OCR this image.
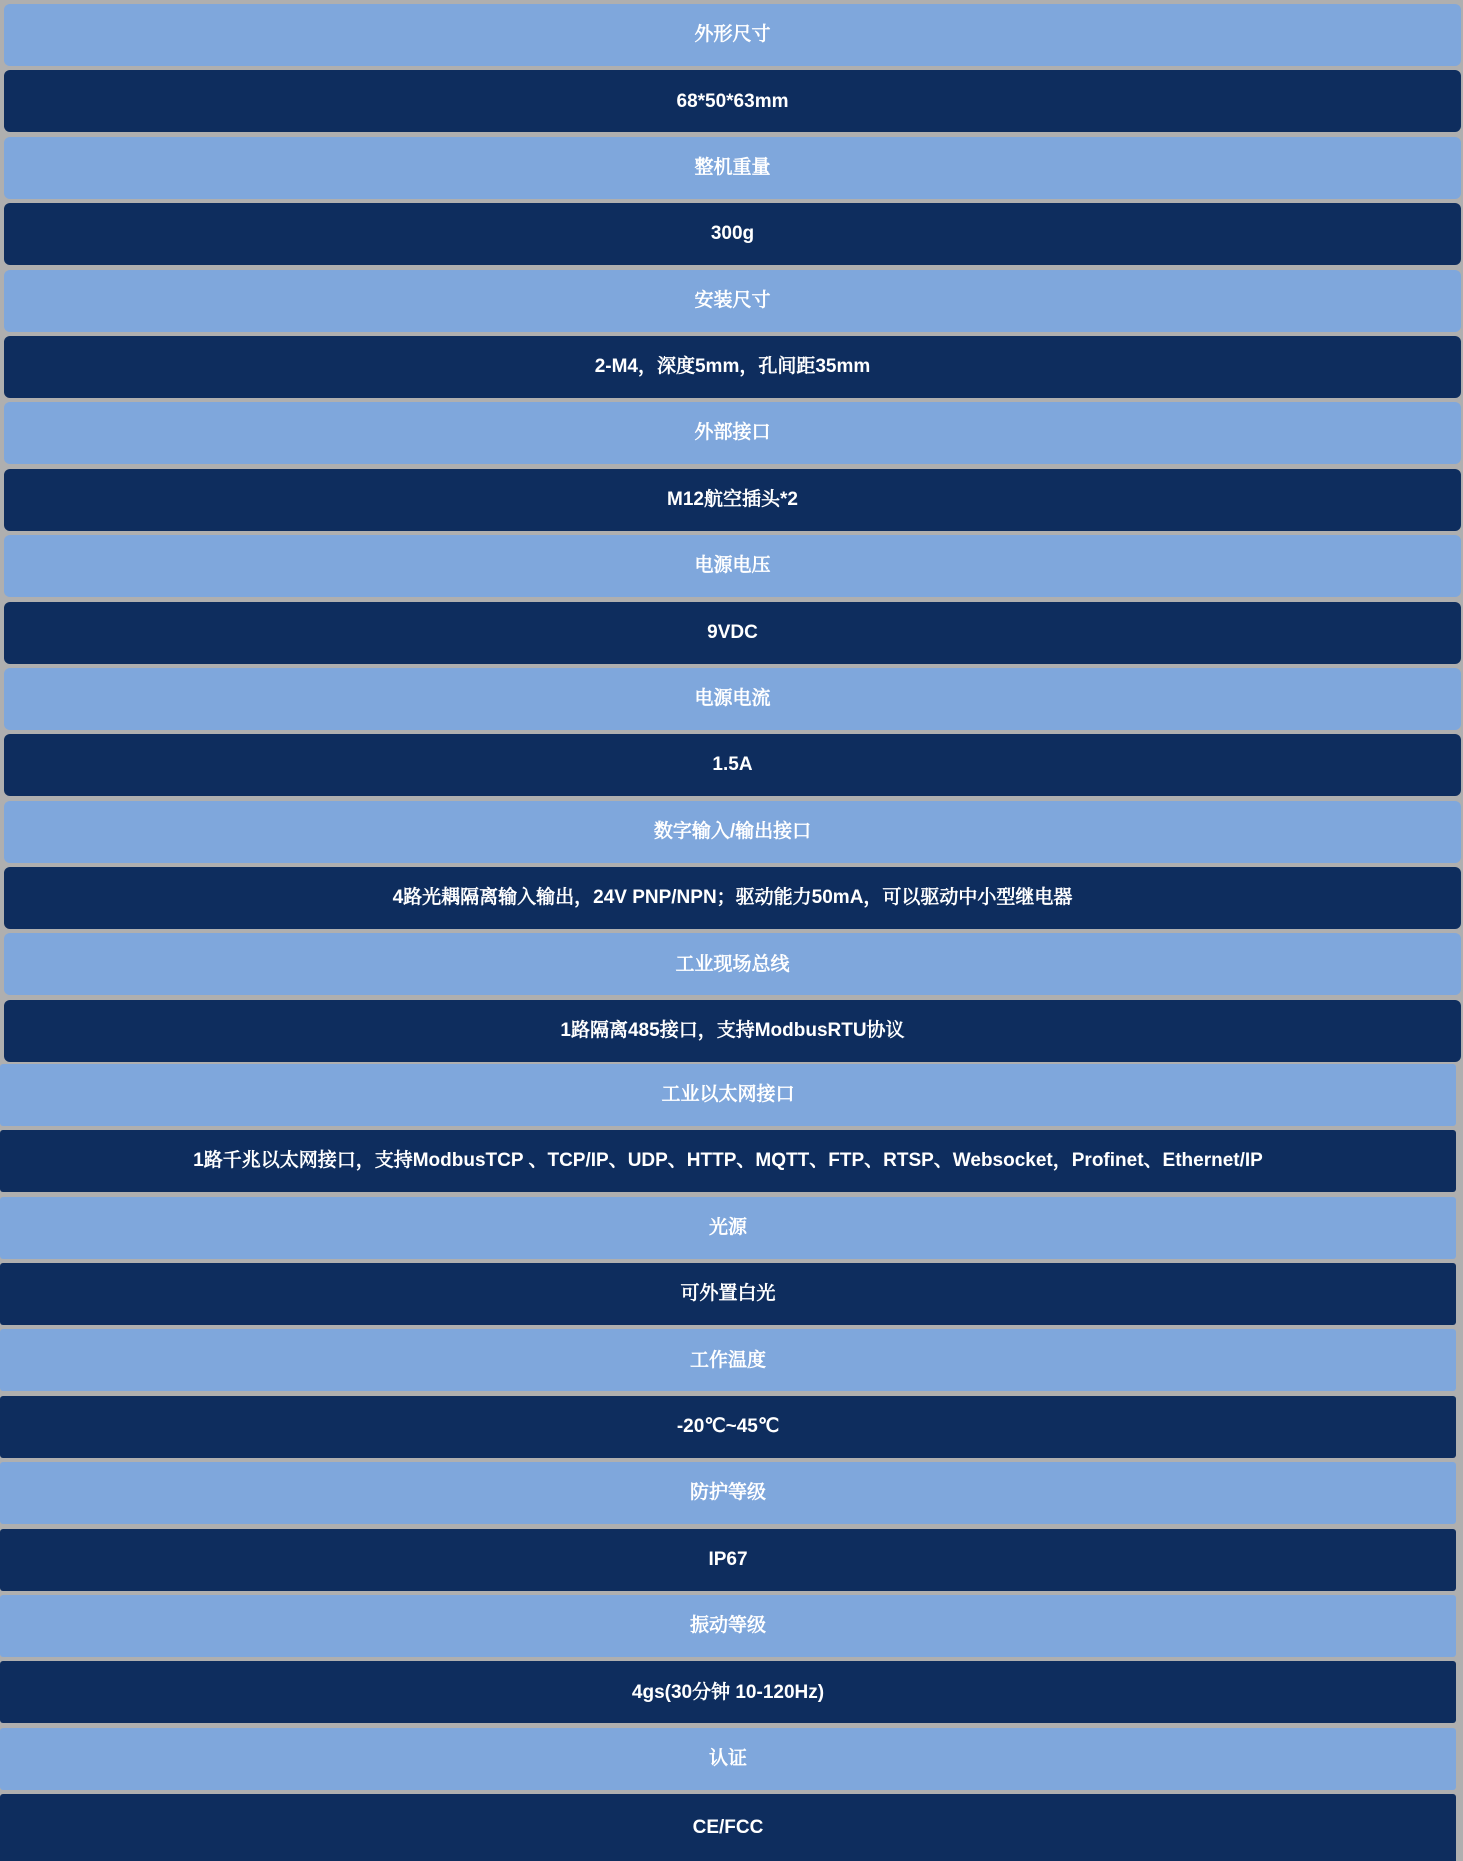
外形尺寸
68*50*63mm
整机重量
300g
安装尺寸
2-M4，深度5mm，孔间距35mm
外部接口
M12航空插头*2
电源电压
9VDC
电源电流
1.5A
数字输入/输出接口
4路光耦隔离输入输出，24V PNP/NPN；驱动能力50mA，可以驱动中小型继电器
工业现场总线
1路隔离485接口，支持ModbusRTU协议
工业以太网接口
1路千兆以太网接口，支持ModbusTCP 、TCP/IP、UDP、HTTP、MQTT、FTP、RTSP、Websocket，Profinet、Ethernet/IP
光源
可外置白光
工作温度
-20℃~45℃
防护等级
IP67
振动等级
4gs(30分钟 10-120Hz)
认证
CE/FCC
